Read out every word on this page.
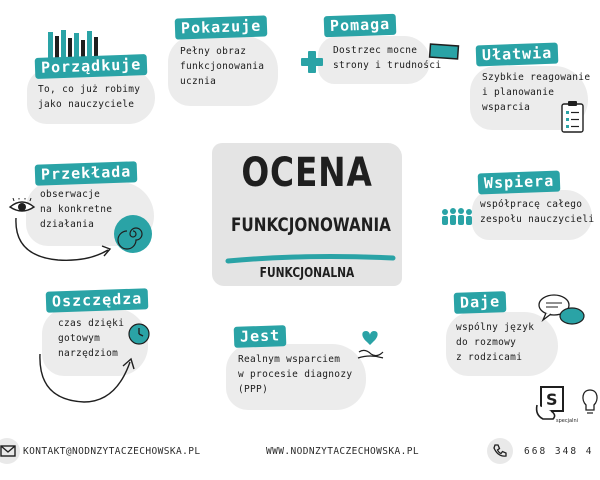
OCENA
FUNKCJONOWANIA
FUNKCJONALNA
Porządkuje
To, co już robimy
jako nauczyciele
Pokazuje
Pełny obraz
funkcjonowania
ucznia
Pomaga
Dostrzec mocne
strony i trudności
Ułatwia
Szybkie reagowanie
i planowanie
wsparcia
Przekłada
obserwacje
na konkretne
działania
Wspiera
współpracę całego
zespołu nauczycieli
Oszczędza
czas dzięki
gotowym
narzędziom
Jest
Realnym wsparciem
w procesie diagnozy
(PPP)
Daje
wspólny język
do rozmowy
z rodzicami
S
specjalni
KONTAKT@NODNZYTACZECHOWSKA.PL	WWW.NODNZYTACZECHOWSKA.PL	668 348 4
